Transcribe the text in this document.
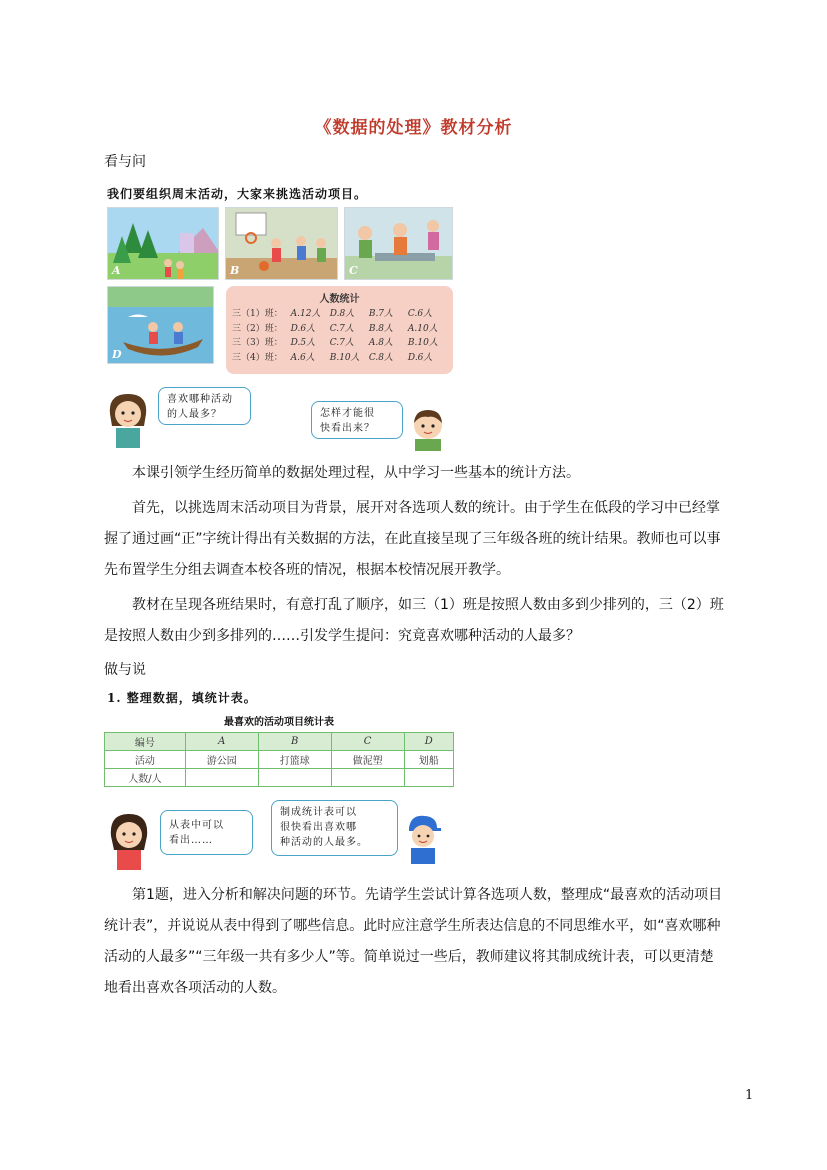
《数据的处理》教材分析
看与问
我们要组织周末活动，大家来挑选活动项目。
A	B	C
D
人数统计
三（1）班： A.12人	D.8人	B.7人	C.6人
三（2）班： D.6人	C.7人	B.8人	A.10人
三（3）班： D.5人	C.7人	A.8人	B.10人
三（4）班： A.6人	B.10人	C.8人	D.6人
喜欢哪种活动
的人最多？	怎样才能很
快看出来？
本课引领学生经历简单的数据处理过程，从中学习一些基本的统计方法。
首先，以挑选周末活动项目为背景，展开对各选项人数的统计。由于学生在低段的学习中已经掌握了通过画“正”字统计得出有关数据的方法，在此直接呈现了三年级各班的统计结果。教师也可以事先布置学生分组去调查本校各班的情况，根据本校情况展开教学。
教材在呈现各班结果时，有意打乱了顺序，如三（1）班是按照人数由多到少排列的，三（2）班是按照人数由少到多排列的……引发学生提问：究竟喜欢哪种活动的人最多？
做与说
1. 整理数据，填统计表。
最喜欢的活动项目统计表
编号	A	B	C	D
活动	游公园	打篮球	做泥塑	划船
人数/人				
从表中可以
看出……
制成统计表可以
很快看出喜欢哪
种活动的人最多。
第1题，进入分析和解决问题的环节。先请学生尝试计算各选项人数，整理成“最喜欢的活动项目统计表”，并说说从表中得到了哪些信息。此时应注意学生所表达信息的不同思维水平，如“喜欢哪种活动的人最多”“三年级一共有多少人”等。简单说过一些后，教师建议将其制成统计表，可以更清楚地看出喜欢各项活动的人数。
1
